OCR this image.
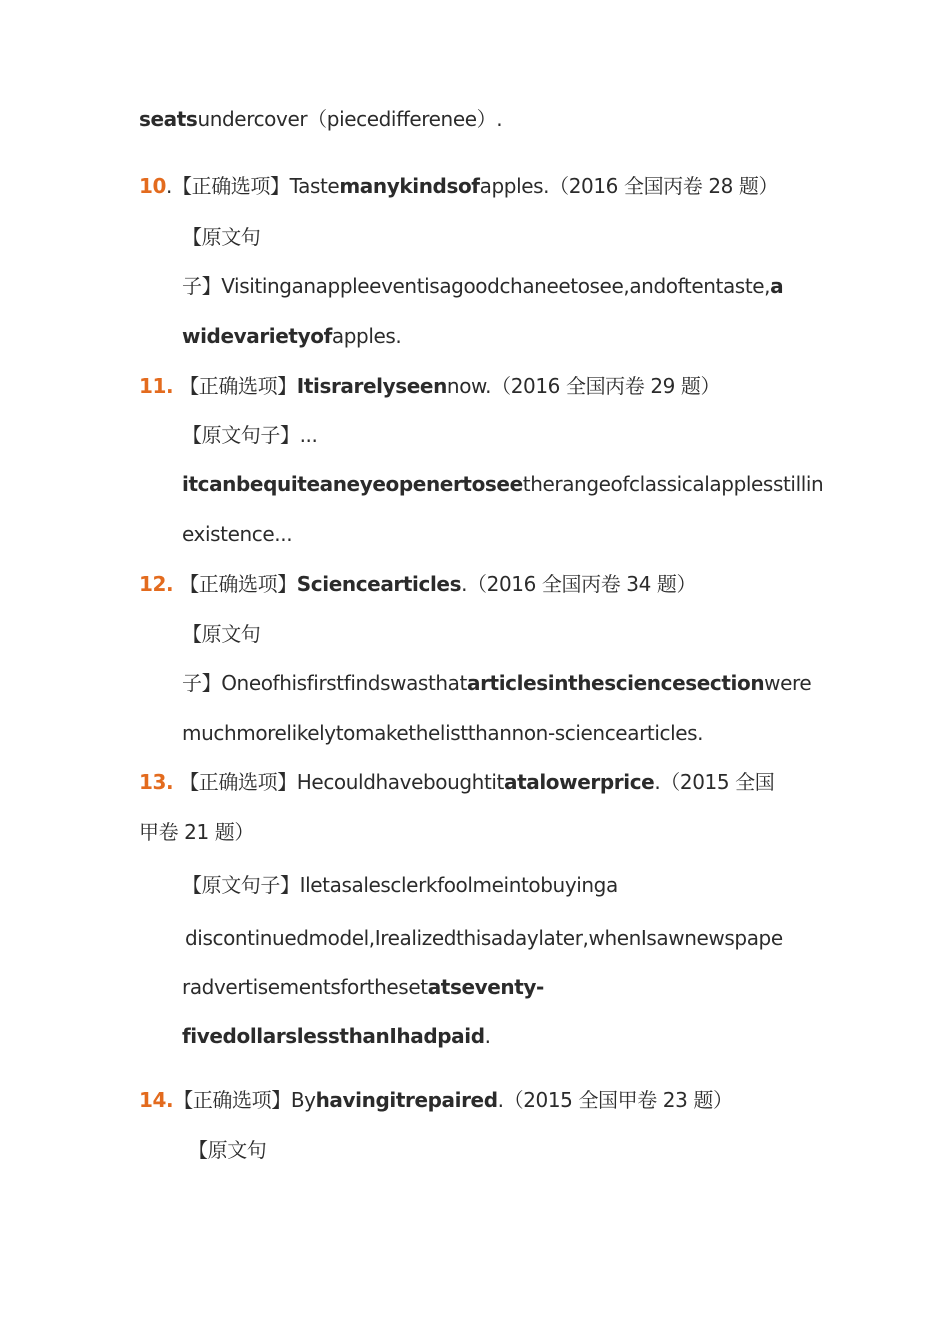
seatsundercover（piecedifferenee）.
10.【正确选项】Tastemanykindsofapples.（2016 全国丙卷 28 题）
【原文句
子】Visitinganappleeventisagoodchaneetosee,andoftentaste,a
widevarietyofapples.
11. 【正确选项】Itisrarelyseennow.（2016 全国丙卷 29 题）
【原文句子】...
itcanbequiteaneyeopenertoseetherangeofclassicalapplesstillin
existence...
12. 【正确选项】Sciencearticles.（2016 全国丙卷 34 题）
【原文句
子】Oneofhisfirstfindswasthatarticlesinthesciencesectionwere
muchmorelikelytomakethelistthannon-sciencearticles.
13. 【正确选项】Hecouldhaveboughtitatalowerprice.（2015 全国
甲卷 21 题）
【原文句子】Iletasalesclerkfoolmeintobuyinga
discontinuedmodel,Irealizedthisadaylater,whenIsawnewspape
radvertisementsforthesetatseventy-
fivedollarslessthanIhadpaid.
14.【正确选项】Byhavingitrepaired.（2015 全国甲卷 23 题）
【原文句
